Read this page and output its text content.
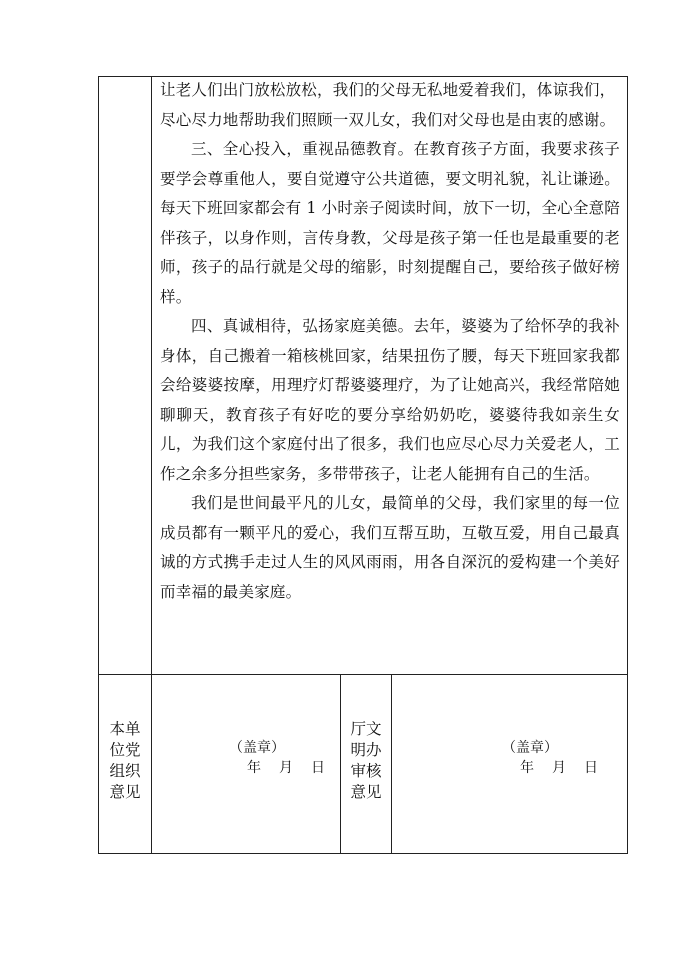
让老人们出门放松放松，我们的父母无私地爱着我们，体谅我们，

尽心尽力地帮助我们照顾一双儿女，我们对父母也是由衷的感谢。

三、全心投入，重视品德教育。在教育孩子方面，我要求孩子要学会尊重他人，要自觉遵守公共道德，要文明礼貌，礼让谦逊。每天下班回家都会有 1 小时亲子阅读时间，放下一切，全心全意陪伴孩子，以身作则，言传身教，父母是孩子第一任也是最重要的老师，孩子的品行就是父母的缩影，时刻提醒自己，要给孩子做好榜样。

四、真诚相待，弘扬家庭美德。去年，婆婆为了给怀孕的我补身体，自己搬着一箱核桃回家，结果扭伤了腰，每天下班回家我都会给婆婆按摩，用理疗灯帮婆婆理疗，为了让她高兴，我经常陪她聊聊天，教育孩子有好吃的要分享给奶奶吃，婆婆待我如亲生女儿，为我们这个家庭付出了很多，我们也应尽心尽力关爱老人，工作之余多分担些家务，多带带孩子，让老人能拥有自己的生活。

我们是世间最平凡的儿女，最简单的父母，我们家里的每一位成员都有一颗平凡的爱心，我们互帮互助，互敬互爱，用自己最真诚的方式携手走过人生的风风雨雨，用各自深沉的爱构建一个美好而幸福的最美家庭。

本单
位党
组织
意见
（盖章）
年　月　日
厅文
明办
审核
意见
（盖章）
年　月　日
